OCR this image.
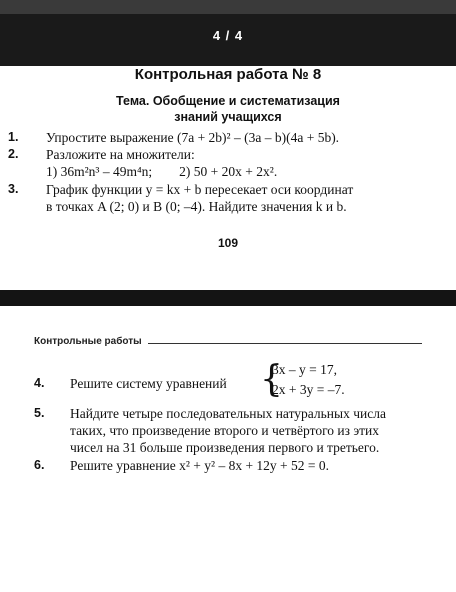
4 / 4
Контрольная работа № 8
Тема. Обобщение и систематизация
знаний учащихся
1. Упростите выражение (7a + 2b)² – (3a – b)(4a + 5b).
2. Разложите на множители:
1) 36m²n³ – 49m⁴n;        2) 50 + 20x + 2x².
3. График функции y = kx + b пересекает оси координат
в точках A (2; 0) и B (0; –4). Найдите значения k и b.
109
Контрольные работы
4. Решите систему уравнений {
3x – y = 17,
2x + 3y = –7.
5. Найдите четыре последовательных натуральных числа
таких, что произведение второго и четвёртого из этих
чисел на 31 больше произведения первого и третьего.
6. Решите уравнение x² + y² – 8x + 12y + 52 = 0.
